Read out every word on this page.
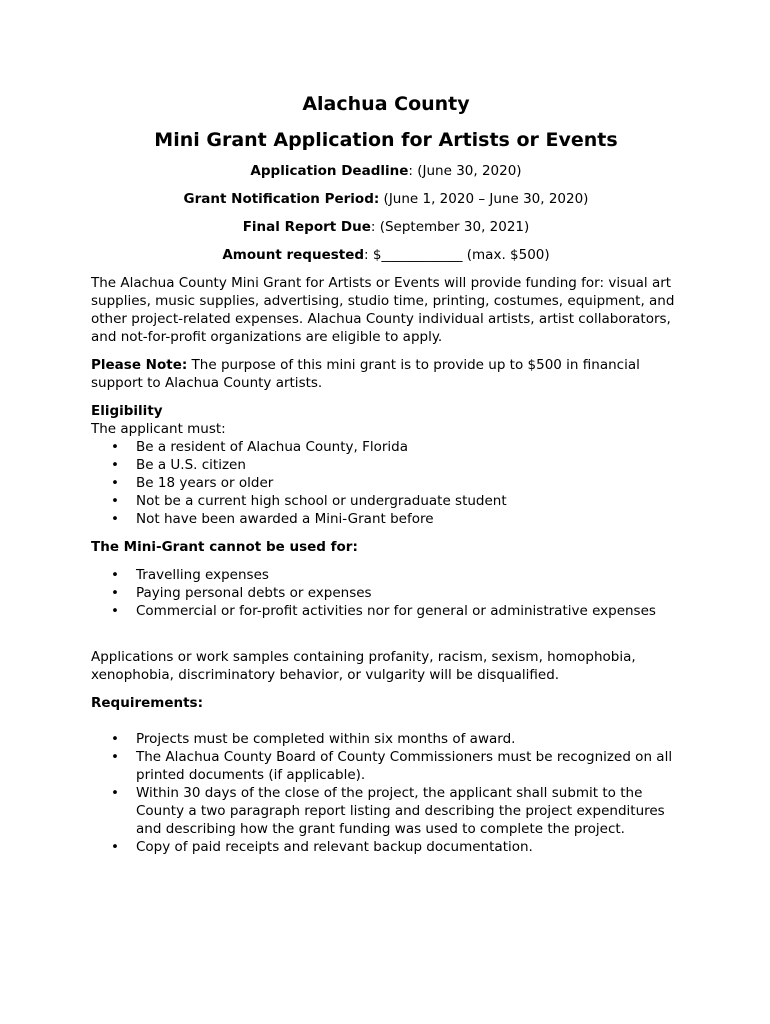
Alachua County
Mini Grant Application for Artists or Events
Application Deadline: (June 30, 2020)
Grant Notification Period: (June 1, 2020 – June 30, 2020)
Final Report Due: (September 30, 2021)
Amount requested: $____________ (max. $500)

The Alachua County Mini Grant for Artists or Events will provide funding for: visual art supplies, music supplies, advertising, studio time, printing, costumes, equipment, and other project-related expenses. Alachua County individual artists, artist collaborators, and not-for-profit organizations are eligible to apply.

Please Note: The purpose of this mini grant is to provide up to $500 in financial support to Alachua County artists.

Eligibility

The applicant must:

• Be a resident of Alachua County, Florida
• Be a U.S. citizen
• Be 18 years or older
• Not be a current high school or undergraduate student
• Not have been awarded a Mini-Grant before

The Mini-Grant cannot be used for:

• Travelling expenses
• Paying personal debts or expenses
• Commercial or for-profit activities nor for general or administrative expenses

Applications or work samples containing profanity, racism, sexism, homophobia, xenophobia, discriminatory behavior, or vulgarity will be disqualified.

Requirements:

• Projects must be completed within six months of award.
• The Alachua County Board of County Commissioners must be recognized on all printed documents (if applicable).
• Within 30 days of the close of the project, the applicant shall submit to the County a two paragraph report listing and describing the project expenditures and describing how the grant funding was used to complete the project.
• Copy of paid receipts and relevant backup documentation.
